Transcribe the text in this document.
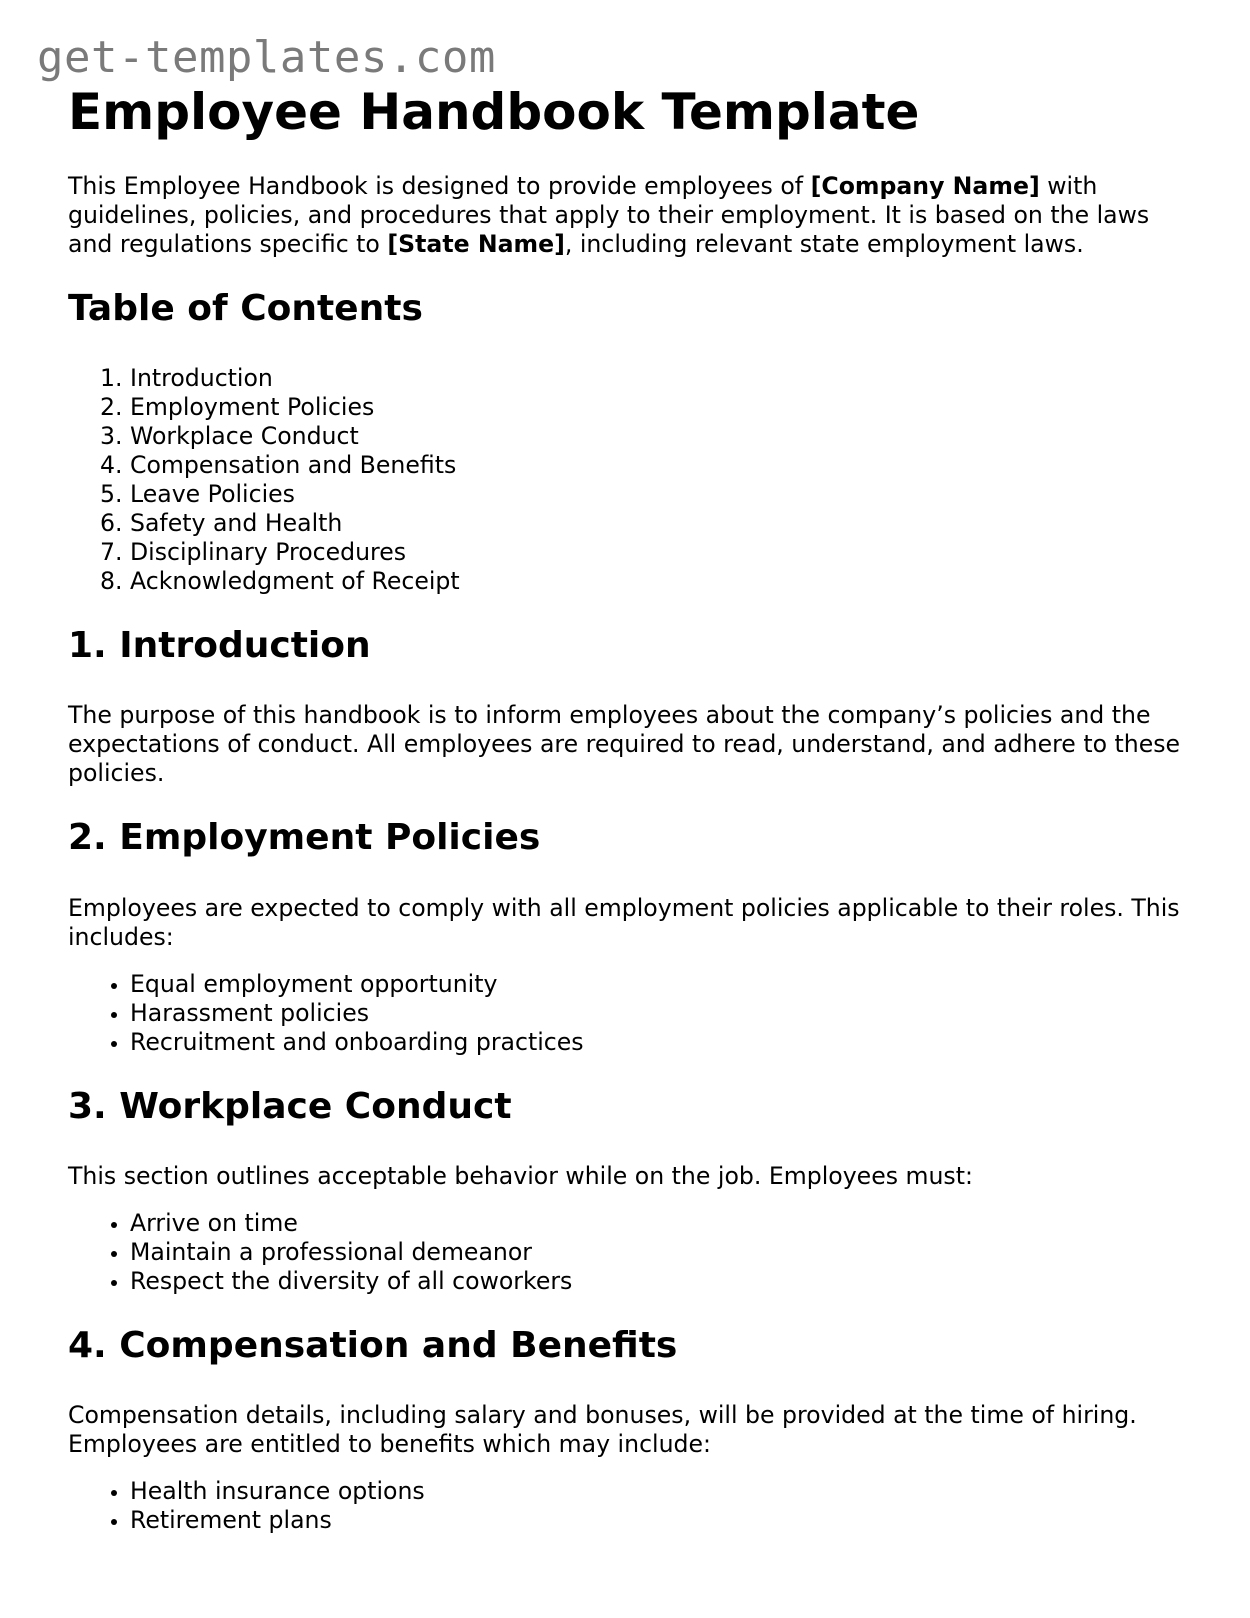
get-templates.com
Employee Handbook Template

This Employee Handbook is designed to provide employees of [Company Name] with guidelines, policies, and procedures that apply to their employment. It is based on the laws and regulations specific to [State Name], including relevant state employment laws.

Table of Contents
1. Introduction
2. Employment Policies
3. Workplace Conduct
4. Compensation and Benefits
5. Leave Policies
6. Safety and Health
7. Disciplinary Procedures
8. Acknowledgment of Receipt
1. Introduction

The purpose of this handbook is to inform employees about the company’s policies and the expectations of conduct. All employees are required to read, understand, and adhere to these policies.

2. Employment Policies

Employees are expected to comply with all employment policies applicable to their roles. This includes:

• Equal employment opportunity
• Harassment policies
• Recruitment and onboarding practices
3. Workplace Conduct

This section outlines acceptable behavior while on the job. Employees must:

• Arrive on time
• Maintain a professional demeanor
• Respect the diversity of all coworkers
4. Compensation and Benefits

Compensation details, including salary and bonuses, will be provided at the time of hiring. Employees are entitled to benefits which may include:

• Health insurance options
• Retirement plans
